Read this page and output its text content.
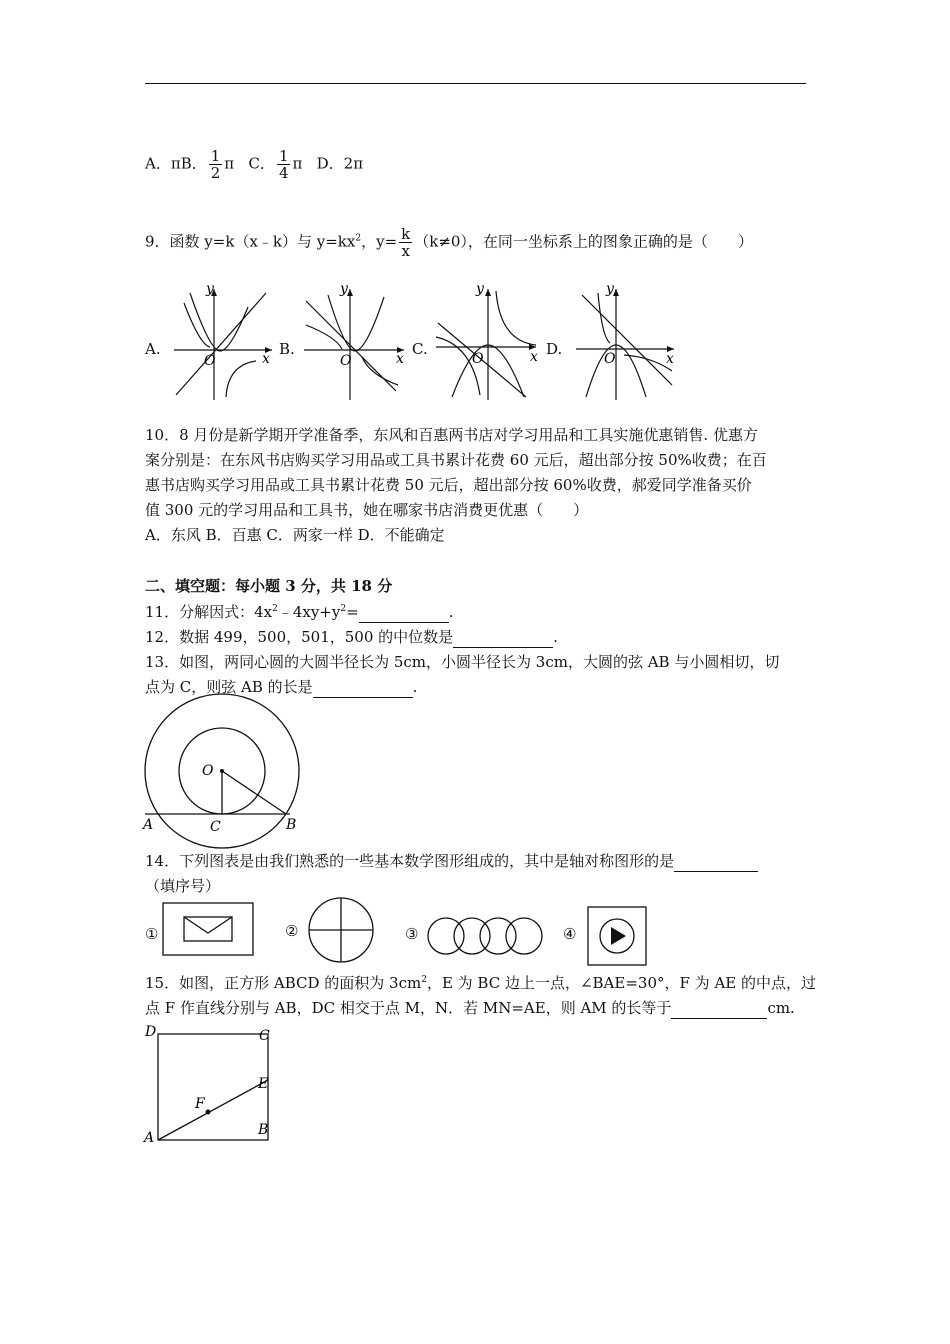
A．πB． $\frac{1}{2}$ π C． $\frac{1}{4}$ π D．2π
9．函数 y=k（x﹣k）与 $y=kx^2$，$y= \frac{k}{x} (k\ne 0)$，在同一坐标系上的图象正确的是（　　）
A.	B.	C.	D.
y
x
O
y
x
O
y
x
O
y
x
O
10．8 月份是新学期开学准备季，东风和百惠两书店对学习用品和工具实施优惠销售. 优惠方
案分别是：在东风书店购买学习用品或工具书累计花费 60 元后，超出部分按 50%收费；在百
惠书店购买学习用品或工具书累计花费 50 元后，超出部分按 60%收费，郝爱同学准备买价
值 300 元的学习用品和工具书，她在哪家书店消费更优惠（　　）
A．东风 B．百惠 C．两家一样 D．不能确定
二、填空题：每小题 3 分，共 18 分
11．分解因式：$4x^2﹣4xy+y^2=$	.
12．数据 499，500，501，500 的中位数是	.
13．如图，两同心圆的大圆半径长为 5cm，小圆半径长为 3cm，大圆的弦 AB 与小圆相切，切
点为 C，则弦 AB 的长是	.
O
A	B
C
14．下列图表是由我们熟悉的一些基本数学图形组成的，其中是轴对称图形的是
（填序号）
①	②	③	④
15．如图，正方形 ABCD 的面积为 $3cm^2$，E 为 BC 边上一点，∠BAE=30°，F 为 AE 的中点，过
点 F 作直线分别与 AB，DC 相交于点 M，N．若 MN=AE，则 AM 的长等于	cm.
D	C
E
F
A	B
